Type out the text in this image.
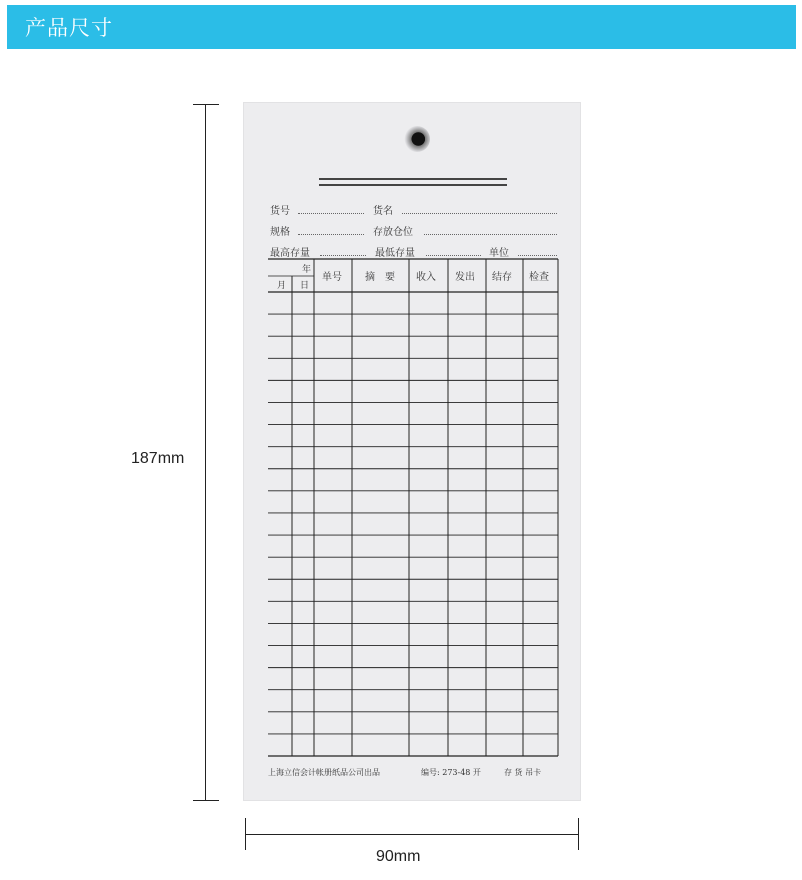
产品尺寸
187mm
货号	货名
规格	存放仓位
最高存量	最低存量	单位
年
月 日
单号 摘　要 收入 发出 结存 检查
上海立信会计帐册纸品公司出品	编号: 273-48 开	存 货 吊卡
90mm
